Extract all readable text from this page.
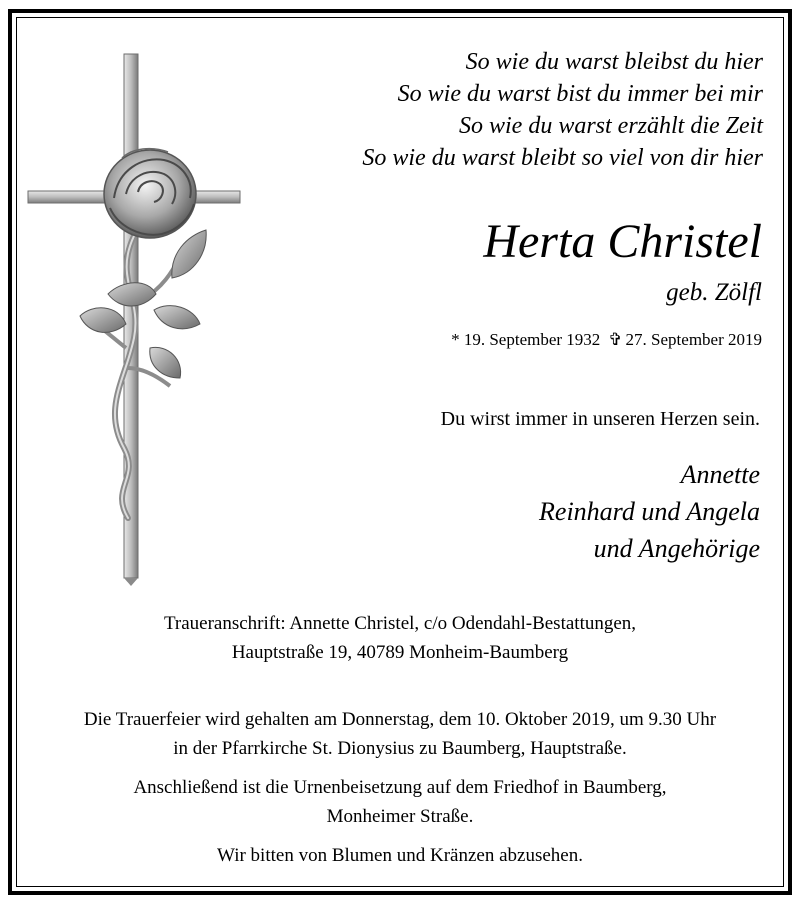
So wie du warst bleibst du hier
So wie du warst bist du immer bei mir
So wie du warst erzählt die Zeit
So wie du warst bleibt so viel von dir hier
Herta Christel
geb. Zölfl
* 19. September 1932 ✞ 27. September 2019
Du wirst immer in unseren Herzen sein.
Annette
Reinhard und Angela
und Angehörige
Traueranschrift: Annette Christel, c/o Odendahl-Bestattungen,
Hauptstraße 19, 40789 Monheim-Baumberg

Die Trauerfeier wird gehalten am Donnerstag, dem 10. Oktober 2019, um 9.30 Uhr
in der Pfarrkirche St. Dionysius zu Baumberg, Hauptstraße.

Anschließend ist die Urnenbeisetzung auf dem Friedhof in Baumberg,
Monheimer Straße.

Wir bitten von Blumen und Kränzen abzusehen.
